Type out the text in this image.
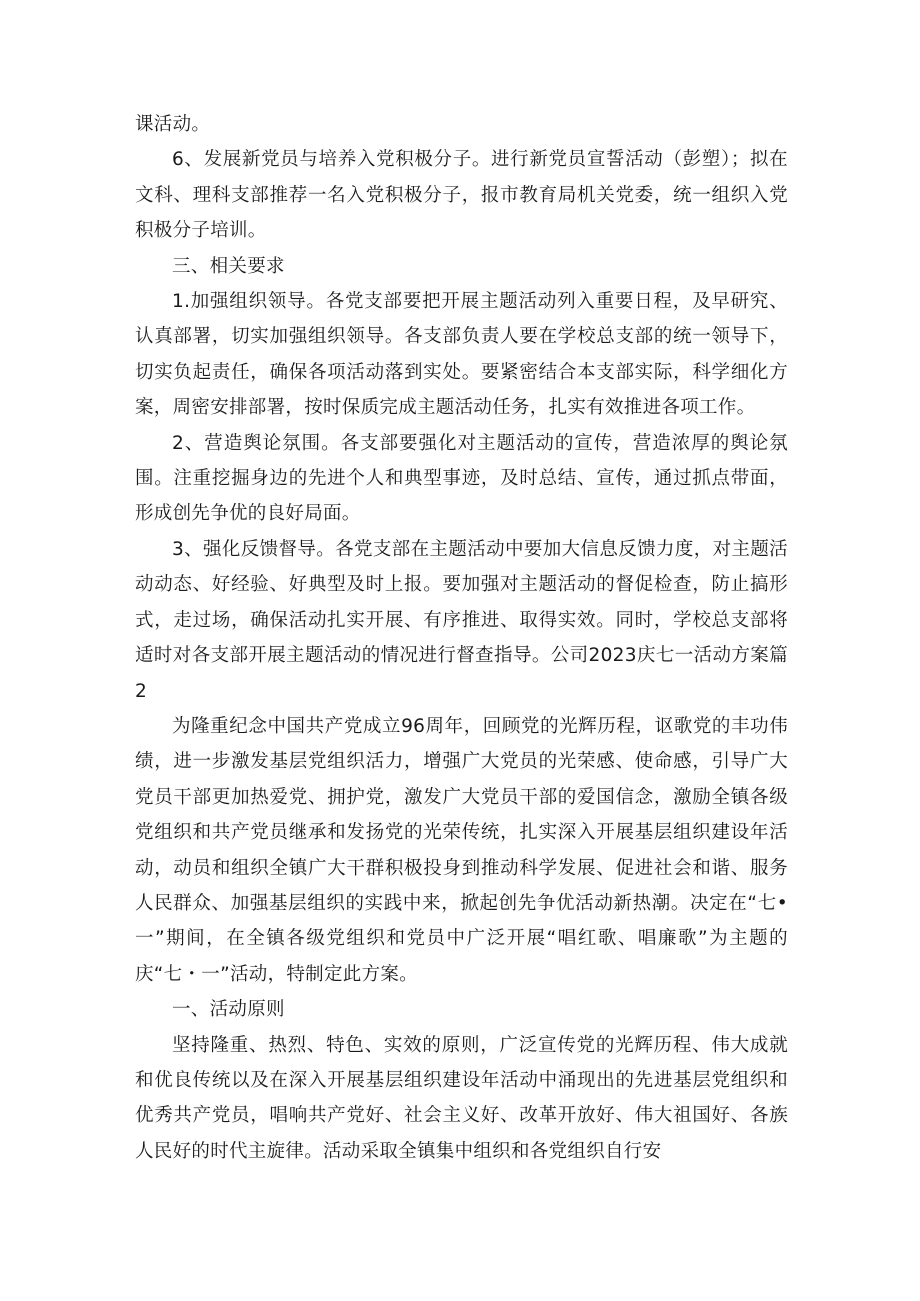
课活动。

6、发展新党员与培养入党积极分子。进行新党员宣誓活动（彭塑）；拟在文科、理科支部推荐一名入党积极分子，报市教育局机关党委，统一组织入党积极分子培训。

三、相关要求

1.加强组织领导。各党支部要把开展主题活动列入重要日程，及早研究、认真部署，切实加强组织领导。各支部负责人要在学校总支部的统一领导下，切实负起责任，确保各项活动落到实处。要紧密结合本支部实际，科学细化方案，周密安排部署，按时保质完成主题活动任务，扎实有效推进各项工作。

2、营造舆论氛围。各支部要强化对主题活动的宣传，营造浓厚的舆论氛围。注重挖掘身边的先进个人和典型事迹，及时总结、宣传，通过抓点带面，形成创先争优的良好局面。

3、强化反馈督导。各党支部在主题活动中要加大信息反馈力度，对主题活动动态、好经验、好典型及时上报。要加强对主题活动的督促检查，防止搞形式，走过场，确保活动扎实开展、有序推进、取得实效。同时，学校总支部将适时对各支部开展主题活动的情况进行督查指导。公司2023庆七一活动方案篇2

为隆重纪念中国共产党成立96周年，回顾党的光辉历程，讴歌党的丰功伟绩，进一步激发基层党组织活力，增强广大党员的光荣感、使命感，引导广大党员干部更加热爱党、拥护党，激发广大党员干部的爱国信念，激励全镇各级党组织和共产党员继承和发扬党的光荣传统，扎实深入开展基层组织建设年活动，动员和组织全镇广大干群积极投身到推动科学发展、促进社会和谐、服务人民群众、加强基层组织的实践中来，掀起创先争优活动新热潮。决定在“七•一”期间，在全镇各级党组织和党员中广泛开展“唱红歌、唱廉歌”为主题的庆“七・一”活动，特制定此方案。

一、活动原则

坚持隆重、热烈、特色、实效的原则，广泛宣传党的光辉历程、伟大成就和优良传统以及在深入开展基层组织建设年活动中涌现出的先进基层党组织和优秀共产党员，唱响共产党好、社会主义好、改革开放好、伟大祖国好、各族人民好的时代主旋律。活动采取全镇集中组织和各党组织自行安
